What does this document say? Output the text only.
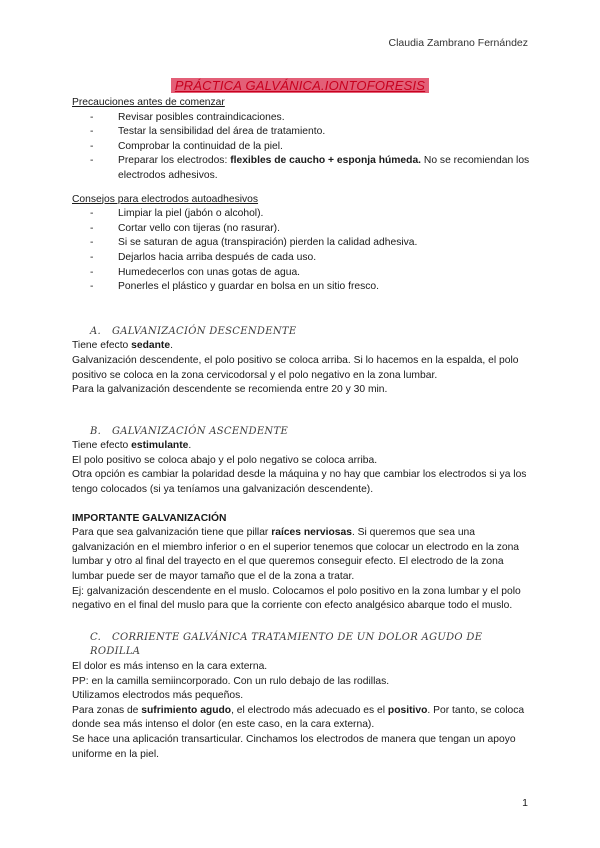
Claudia Zambrano Fernández
PRÁCTICA GALVÁNICA.IONTOFORESIS
Precauciones antes de comenzar
- Revisar posibles contraindicaciones.
- Testar la sensibilidad del área de tratamiento.
- Comprobar la continuidad de la piel.
- Preparar los electrodos: flexibles de caucho + esponja húmeda. No se recomiendan los electrodos adhesivos.
Consejos para electrodos autoadhesivos
- Limpiar la piel (jabón o alcohol).
- Cortar vello con tijeras (no rasurar).
- Si se saturan de agua (transpiración) pierden la calidad adhesiva.
- Dejarlos hacia arriba después de cada uso.
- Humedecerlos con unas gotas de agua.
- Ponerles el plástico y guardar en bolsa en un sitio fresco.
A. GALVANIZACIÓN DESCENDENTE

Tiene efecto sedante.

Galvanización descendente, el polo positivo se coloca arriba. Si lo hacemos en la espalda, el polo positivo se coloca en la zona cervicodorsal y el polo negativo en la zona lumbar.

Para la galvanización descendente se recomienda entre 20 y 30 min.

B. GALVANIZACIÓN ASCENDENTE

Tiene efecto estimulante.

El polo positivo se coloca abajo y el polo negativo se coloca arriba.

Otra opción es cambiar la polaridad desde la máquina y no hay que cambiar los electrodos si ya los tengo colocados (si ya teníamos una galvanización descendente).

IMPORTANTE GALVANIZACIÓN

Para que sea galvanización tiene que pillar raíces nerviosas. Si queremos que sea una galvanización en el miembro inferior o en el superior tenemos que colocar un electrodo en la zona lumbar y otro al final del trayecto en el que queremos conseguir efecto. El electrodo de la zona lumbar puede ser de mayor tamaño que el de la zona a tratar.

Ej: galvanización descendente en el muslo. Colocamos el polo positivo en la zona lumbar y el polo negativo en el final del muslo para que la corriente con efecto analgésico abarque todo el muslo.

C. CORRIENTE GALVÁNICA TRATAMIENTO DE UN DOLOR AGUDO DE RODILLA

El dolor es más intenso en la cara externa.

PP: en la camilla semiincorporado. Con un rulo debajo de las rodillas.

Utilizamos electrodos más pequeños.

Para zonas de sufrimiento agudo, el electrodo más adecuado es el positivo. Por tanto, se coloca donde sea más intenso el dolor (en este caso, en la cara externa).

Se hace una aplicación transarticular. Cinchamos los electrodos de manera que tengan un apoyo uniforme en la piel.

1
